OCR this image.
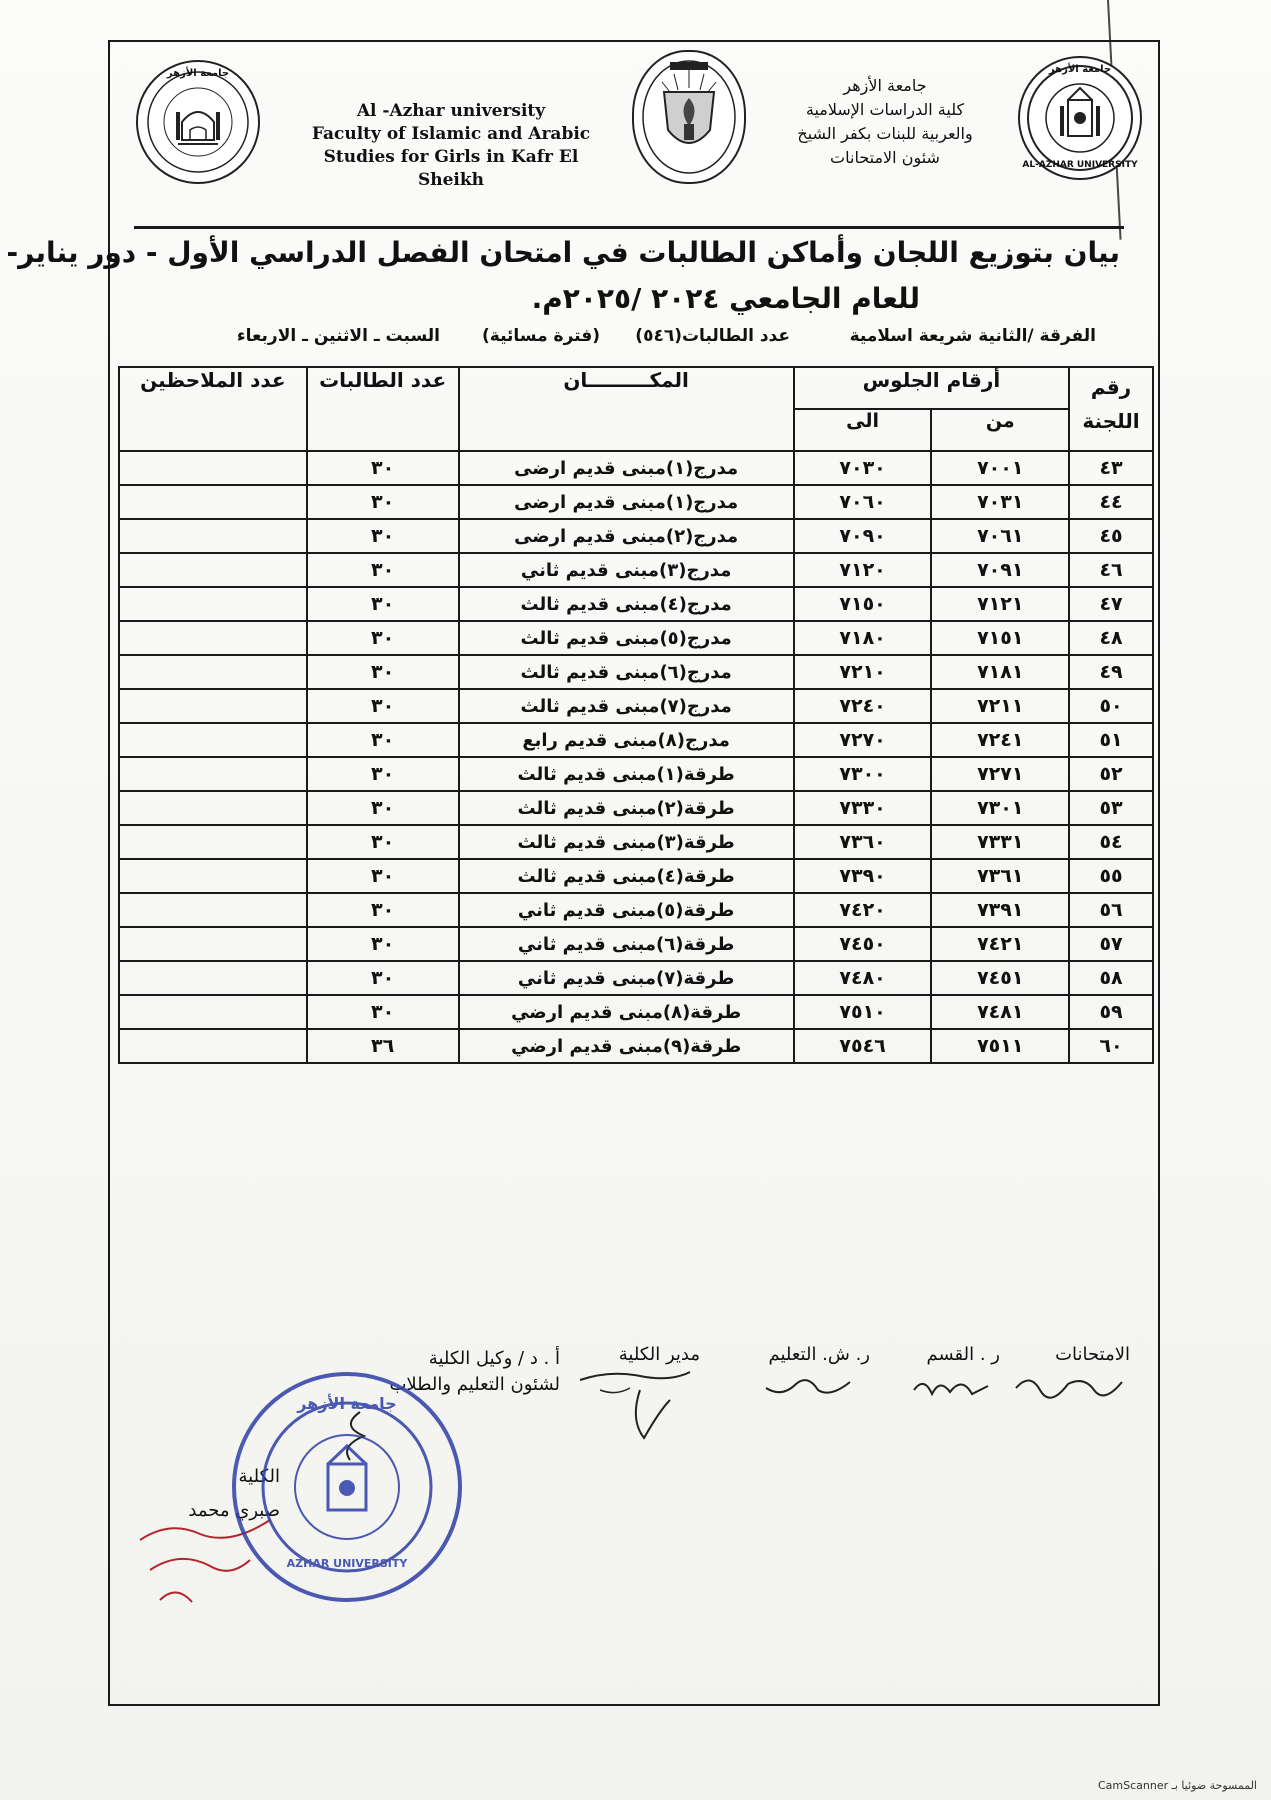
جامعة الأزهر	جامعة الأزهر
AL-AZHAR UNIVERSITY
Al -Azhar university
Faculty of Islamic and Arabic
Studies for Girls in Kafr El Sheikh
جامعة الأزهر
كلية الدراسات الإسلامية
والعربية للبنات بكفر الشيخ
شئون الامتحانات
بيان بتوزيع اللجان وأماكن الطالبات في امتحان الفصل الدراسي الأول - دور يناير-
للعام الجامعي ٢٠٢٤ /٢٠٢٥م.
الفرقة /الثانية شريعة اسلامية
عدد الطالبات(٥٤٦)
(فترة مسائية)
السبت ـ الاثنين ـ الاربعاء
رقم اللجنة	أرقام الجلوس		المكـــــــــان	عدد الطالبات	عدد الملاحظين
	من	الى			
٤٣	٧٠٠١	٧٠٣٠	مدرج(١)مبنى قديم ارضى	٣٠	
٤٤	٧٠٣١	٧٠٦٠	مدرج(١)مبنى قديم ارضى	٣٠	
٤٥	٧٠٦١	٧٠٩٠	مدرج(٢)مبنى قديم ارضى	٣٠	
٤٦	٧٠٩١	٧١٢٠	مدرج(٣)مبنى قديم ثاني	٣٠	
٤٧	٧١٢١	٧١٥٠	مدرج(٤)مبنى قديم ثالث	٣٠	
٤٨	٧١٥١	٧١٨٠	مدرج(٥)مبنى قديم ثالث	٣٠	
٤٩	٧١٨١	٧٢١٠	مدرج(٦)مبنى قديم ثالث	٣٠	
٥٠	٧٢١١	٧٢٤٠	مدرج(٧)مبنى قديم ثالث	٣٠	
٥١	٧٢٤١	٧٢٧٠	مدرج(٨)مبنى قديم رابع	٣٠	
٥٢	٧٢٧١	٧٣٠٠	طرقة(١)مبنى قديم ثالث	٣٠	
٥٣	٧٣٠١	٧٣٣٠	طرقة(٢)مبنى قديم ثالث	٣٠	
٥٤	٧٣٣١	٧٣٦٠	طرقة(٣)مبنى قديم ثالث	٣٠	
٥٥	٧٣٦١	٧٣٩٠	طرقة(٤)مبنى قديم ثالث	٣٠	
٥٦	٧٣٩١	٧٤٢٠	طرقة(٥)مبنى قديم ثاني	٣٠	
٥٧	٧٤٢١	٧٤٥٠	طرقة(٦)مبنى قديم ثاني	٣٠	
٥٨	٧٤٥١	٧٤٨٠	طرقة(٧)مبنى قديم ثاني	٣٠	
٥٩	٧٤٨١	٧٥١٠	طرقة(٨)مبنى قديم ارضي	٣٠	
٦٠	٧٥١١	٧٥٤٦	طرقة(٩)مبنى قديم ارضي	٣٦	
الامتحانات
ر . القسم
ر. ش. التعليم
مدير الكلية
أ . د / وكيل الكلية
لشئون التعليم والطلاب
الكلية
صبري محمد
جامعة الأزهر
AZHAR UNIVERSITY
الممسوحة ضوئيا بـ CamScanner
